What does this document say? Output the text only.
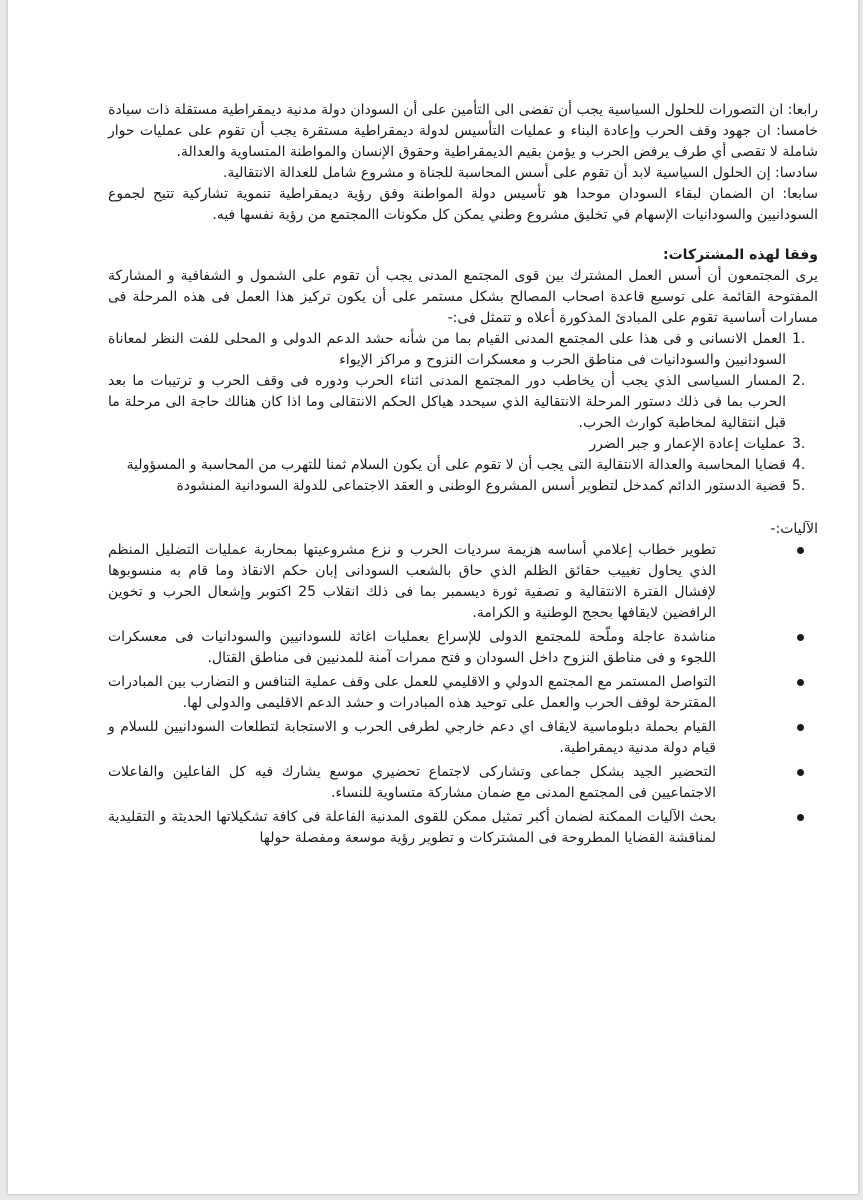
رابعا: ان التصورات للحلول السياسية يجب أن تفضى الى التأمين على أن السودان دولة مدنية ديمقراطية مستقلة ذات سيادة

خامسا: ان جهود وقف الحرب وإعادة البناء و عمليات التأسيس لدولة ديمقراطية مستقرة يجب أن تقوم على عمليات حوار شاملة لا تقصى أي طرف يرفض الحرب و يؤمن بقيم الديمقراطية وحقوق الإنسان والمواطنة المتساوية والعدالة.

سادسا: إن الحلول السياسية لابد أن تقوم على أسس المحاسبة للجناة و مشروع شامل للعدالة الانتقالية.

سابعا: ان الضمان لبقاء السودان موحدا هو تأسيس دولة المواطنة وفق رؤية ديمقراطية تنموية تشاركية تتيح لجموع السودانيين والسودانيات الإسهام في تخليق مشروع وطني يمكن كل مكونات االمجتمع من رؤية نفسها فيه.

وفقا لهذه المشتركات:

يرى المجتمعون أن أسس العمل المشترك بين قوى المجتمع المدنى يجب أن تقوم على الشمول و الشفافية و المشاركة المفتوحة القائمة على توسيع قاعدة اصحاب المصالح بشكل مستمر على أن يكون تركيز هذا العمل فى هذه المرحلة فى مسارات أساسية تقوم على المبادئ المذكورة أعلاه و تتمثل فى:-

1.
العمل الانسانى و فى هذا على المجتمع المدنى القيام بما من شأنه حشد الدعم الدولى و المحلى للفت النظر لمعاناة السودانيين والسودانيات فى مناطق الحرب و معسكرات النزوح و مراكز الإيواء
2.
المسار السياسى الذي يجب أن يخاطب دور المجتمع المدنى اثناء الحرب ودوره فى وقف الحرب و ترتيبات ما بعد الحرب بما فى ذلك دستور المرحلة الانتقالية الذي سيحدد هياكل الحكم الانتقالى وما اذا كان هنالك حاجة الى مرحلة ما قبل انتقالية لمخاطبة كوارث الحرب.
3.
عمليات إعادة الإعمار و جبر الضرر
4.
قضايا المحاسبة والعدالة الانتقالية التى يجب أن لا تقوم على أن يكون السلام ثمنا للتهرب من المحاسبة و المسؤولية
5.
قضية الدستور الدائم كمدخل لتطوير أسس المشروع الوطنى و العقد الاجتماعى للدولة السودانية المنشودة

الآليات:-

تطوير خطاب إعلامي أساسه هزيمة سرديات الحرب و نزع مشروعيتها بمحاربة عمليات التضليل المنظم الذي يحاول تغييب حقائق الظلم الذي حاق بالشعب السودانى إبان حكم الانقاذ وما قام به منسوبوها لإفشال الفترة الانتقالية و تصفية ثورة ديسمبر بما فى ذلك انقلاب 25 اكتوبر وإشعال الحرب و تخوين الرافضين لايقافها بحجج الوطنية و الكرامة.
مناشدة عاجلة وملّحة للمجتمع الدولى للإسراع بعمليات اغاثة للسودانيين والسودانيات فى معسكرات اللجوء و فى مناطق النزوح داخل السودان و فتح ممرات آمنة للمدنيين فى مناطق القتال.
التواصل المستمر مع المجتمع الدولي و الاقليمي للعمل على وقف عملية التنافس و التضارب بين المبادرات المقترحة لوقف الحرب والعمل على توحيد هذه المبادرات و حشد الدعم الاقليمى والدولى لها.
القيام بحملة دبلوماسية لايقاف اي دعم خارجي لطرفى الحرب و الاستجابة لتطلعات السودانيين للسلام و قيام دولة مدنية ديمقراطية.
التحضير الجيد بشكل جماعى وتشاركى لاجتماع تحضيري موسع يشارك فيه كل الفاعلين والفاعلات الاجتماعيين فى المجتمع المدنى مع ضمان مشاركة متساوية للنساء.
بحث الآليات الممكنة لضمان أكبر تمثيل ممكن للقوى المدنية الفاعلة فى كافة تشكيلاتها الحديثة و التقليدية لمناقشة القضايا المطروحة فى المشتركات و تطوير رؤية موسعة ومفصلة حولها
